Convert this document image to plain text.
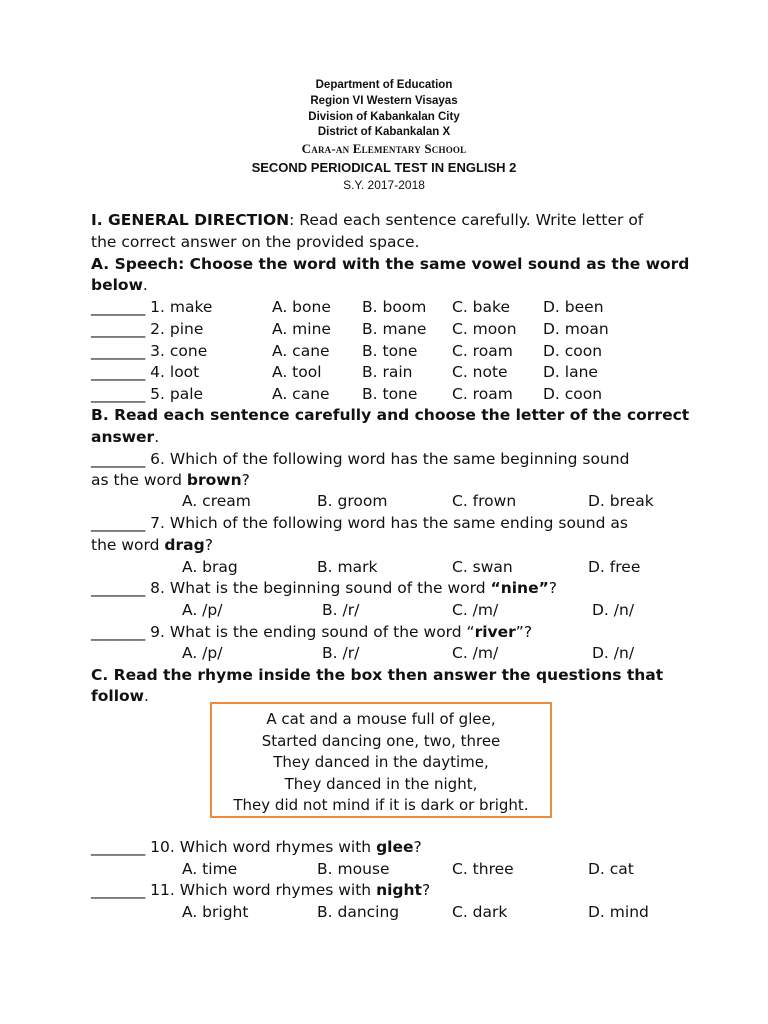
Department of Education
Region VI Western Visayas
Division of Kabankalan City
District of Kabankalan X
Cara-an Elementary School
SECOND PERIODICAL TEST IN ENGLISH 2
S.Y. 2017-2018
I. GENERAL DIRECTION: Read each sentence carefully. Write letter of
the correct answer on the provided space.
A. Speech: Choose the word with the same vowel sound as the word
below.
_______ 1. make	A. bone B. boom C. bake D. been
_______ 2. pine	A. mine B. mane C. moon D. moan
_______ 3. cone	A. cane B. tone C. roam D. coon
_______ 4. loot	A. tool	B. rain	C. note D. lane
_______ 5. pale	A. cane B. tone C. roam D. coon
B. Read each sentence carefully and choose the letter of the correct
answer.
_______ 6. Which of the following word has the same beginning sound
as the word brown?
A. cream	B. groom	C. frown	D. break
_______ 7. Which of the following word has the same ending sound as
the word drag?
A. brag	B. mark	C. swan	D. free
_______ 8. What is the beginning sound of the word “nine”?
A. /p/	B. /r/	C. /m/	D. /n/
_______ 9. What is the ending sound of the word “river”?
A. /p/	B. /r/	C. /m/	D. /n/
C. Read the rhyme inside the box then answer the questions that
follow.
A cat and a mouse full of glee,
Started dancing one, two, three
They danced in the daytime,
They danced in the night,
They did not mind if it is dark or bright.
_______ 10. Which word rhymes with glee?
A. time	B. mouse	C. three	D. cat
_______ 11. Which word rhymes with night?
A. bright	B. dancing	C. dark	D. mind
